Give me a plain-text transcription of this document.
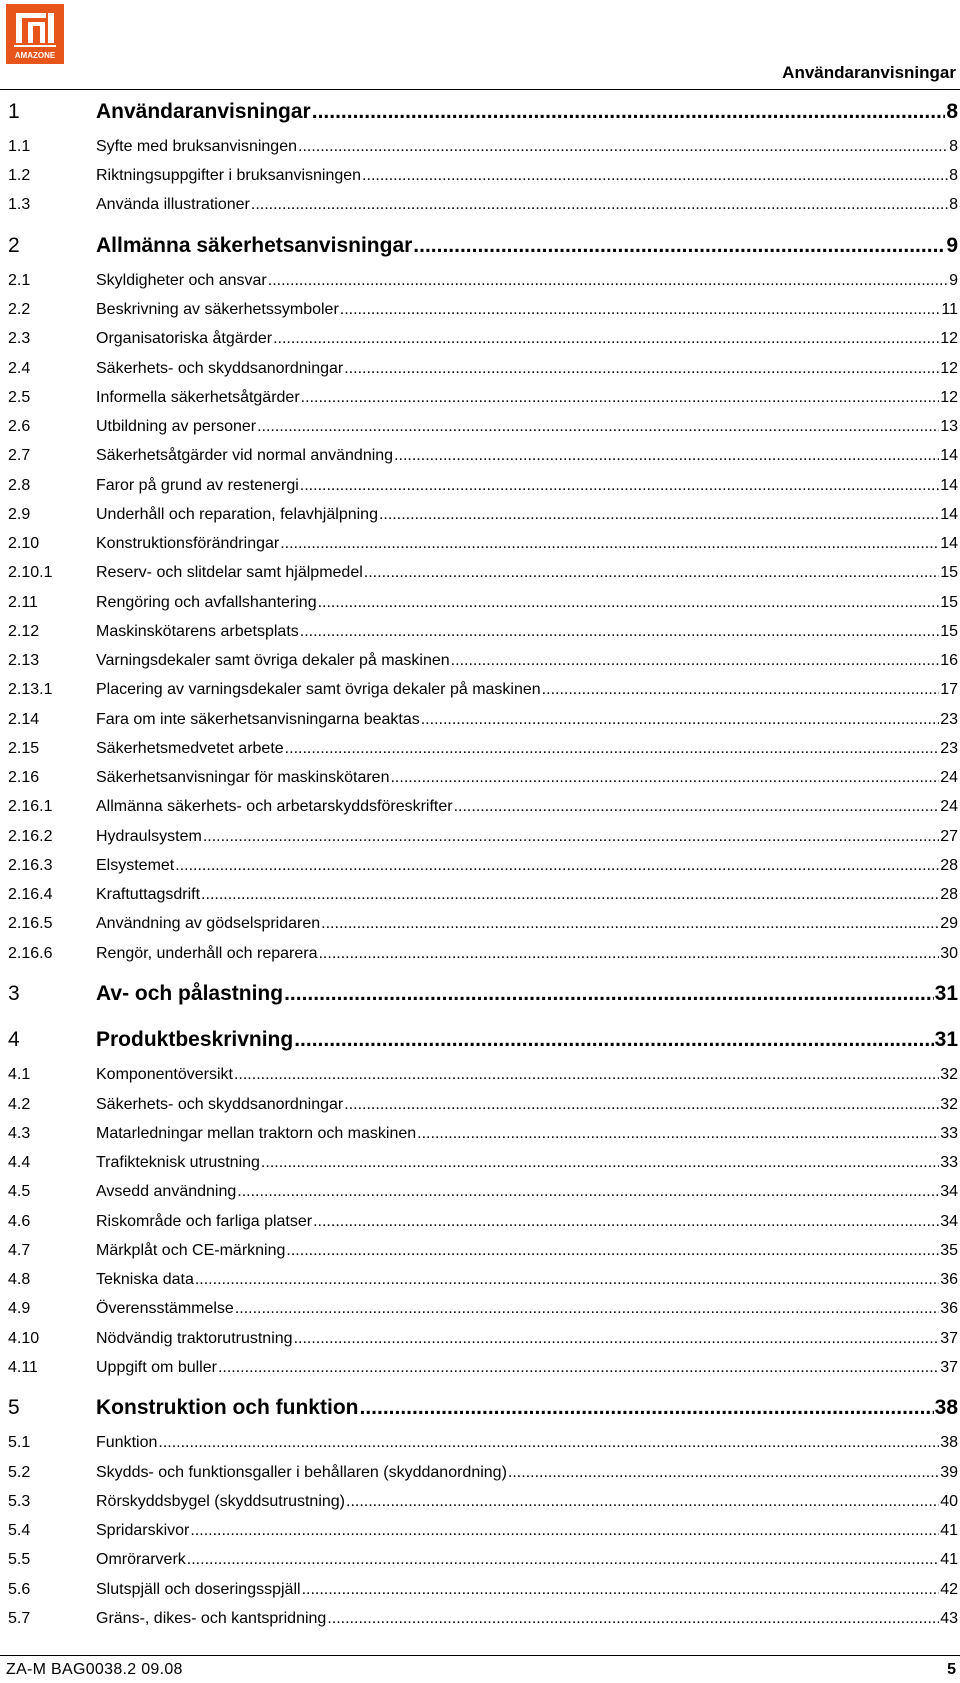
AMAZONE
Användaranvisningar
1	Användaranvisningar .....	8
1.1	Syfte med bruksanvisningen .....	8
1.2	Riktningsuppgifter i bruksanvisningen .....	8
1.3	Använda illustrationer .....	8
2	Allmänna säkerhetsanvisningar .....	9
2.1	Skyldigheter och ansvar .....	9
2.2	Beskrivning av säkerhetssymboler .....	11
2.3	Organisatoriska åtgärder .....	12
2.4	Säkerhets- och skyddsanordningar .....	12
2.5	Informella säkerhetsåtgärder .....	12
2.6	Utbildning av personer .....	13
2.7	Säkerhetsåtgärder vid normal användning .....	14
2.8	Faror på grund av restenergi .....	14
2.9	Underhåll och reparation, felavhjälpning .....	14
2.10	Konstruktionsförändringar .....	14
2.10.1	Reserv- och slitdelar samt hjälpmedel .....	15
2.11	Rengöring och avfallshantering .....	15
2.12	Maskinskötarens arbetsplats .....	15
2.13	Varningsdekaler samt övriga dekaler på maskinen .....	16
2.13.1	Placering av varningsdekaler samt övriga dekaler på maskinen .....	17
2.14	Fara om inte säkerhetsanvisningarna beaktas .....	23
2.15	Säkerhetsmedvetet arbete .....	23
2.16	Säkerhetsanvisningar för maskinskötaren .....	24
2.16.1	Allmänna säkerhets- och arbetarskyddsföreskrifter .....	24
2.16.2	Hydraulsystem .....	27
2.16.3	Elsystemet .....	28
2.16.4	Kraftuttagsdrift .....	28
2.16.5	Användning av gödselspridaren .....	29
2.16.6	Rengör, underhåll och reparera .....	30
3	Av- och pålastning .....	31
4	Produktbeskrivning .....	31
4.1	Komponentöversikt .....	32
4.2	Säkerhets- och skyddsanordningar .....	32
4.3	Matarledningar mellan traktorn och maskinen .....	33
4.4	Trafikteknisk utrustning .....	33
4.5	Avsedd användning .....	34
4.6	Riskområde och farliga platser .....	34
4.7	Märkplåt och CE-märkning .....	35
4.8	Tekniska data .....	36
4.9	Överensstämmelse .....	36
4.10	Nödvändig traktorutrustning .....	37
4.11	Uppgift om buller .....	37
5	Konstruktion och funktion .....	38
5.1	Funktion .....	38
5.2	Skydds- och funktionsgaller i behållaren (skyddanordning) .....	39
5.3	Rörskyddsbygel (skyddsutrustning) .....	40
5.4	Spridarskivor .....	41
5.5	Omrörarverk .....	41
5.6	Slutspjäll och doseringsspjäll .....	42
5.7	Gräns-, dikes- och kantspridning .....	43
ZA-M BAG0038.2 09.08	5
